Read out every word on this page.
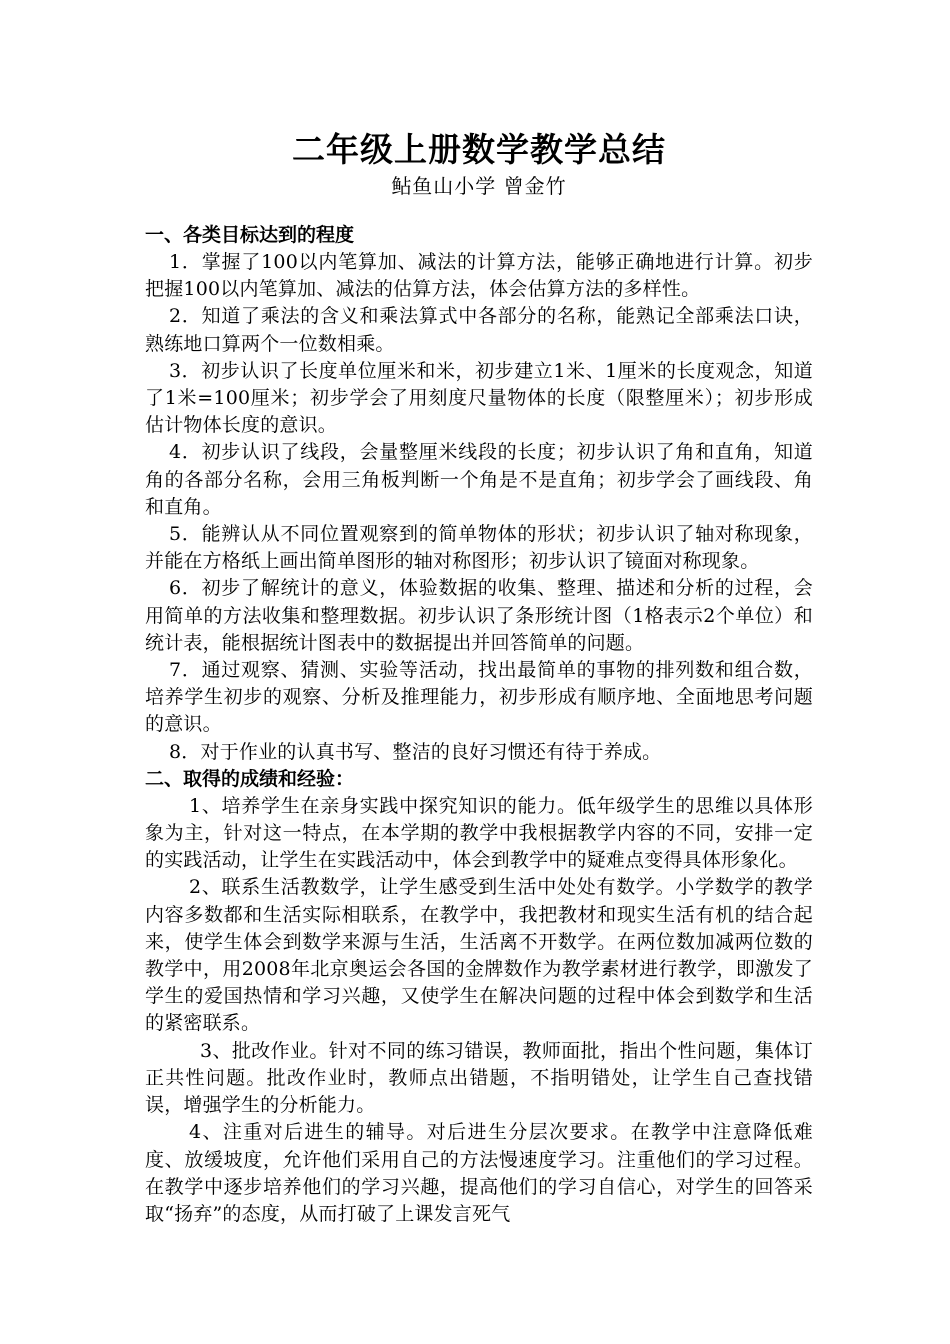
二年级上册数学教学总结

鲇鱼山小学 曾金竹

一、各类目标达到的程度

1．掌握了100以内笔算加、减法的计算方法，能够正确地进行计算。初步把握100以内笔算加、减法的估算方法，体会估算方法的多样性。

2．知道了乘法的含义和乘法算式中各部分的名称，能熟记全部乘法口诀，熟练地口算两个一位数相乘。

3．初步认识了长度单位厘米和米，初步建立1米、1厘米的长度观念，知道了1米=100厘米；初步学会了用刻度尺量物体的长度（限整厘米）；初步形成估计物体长度的意识。

4．初步认识了线段，会量整厘米线段的长度；初步认识了角和直角，知道角的各部分名称，会用三角板判断一个角是不是直角；初步学会了画线段、角和直角。

5．能辨认从不同位置观察到的简单物体的形状；初步认识了轴对称现象，并能在方格纸上画出简单图形的轴对称图形；初步认识了镜面对称现象。

6．初步了解统计的意义，体验数据的收集、整理、描述和分析的过程，会用简单的方法收集和整理数据。初步认识了条形统计图（1格表示2个单位）和统计表，能根据统计图表中的数据提出并回答简单的问题。

7．通过观察、猜测、实验等活动，找出最简单的事物的排列数和组合数，培养学生初步的观察、分析及推理能力，初步形成有顺序地、全面地思考问题的意识。

8．对于作业的认真书写、整洁的良好习惯还有待于养成。

二、取得的成绩和经验：

1、培养学生在亲身实践中探究知识的能力。低年级学生的思维以具体形象为主，针对这一特点，在本学期的教学中我根据教学内容的不同，安排一定的实践活动，让学生在实践活动中，体会到教学中的疑难点变得具体形象化。

2、联系生活教数学，让学生感受到生活中处处有数学。小学数学的教学内容多数都和生活实际相联系，在教学中，我把教材和现实生活有机的结合起来，使学生体会到数学来源与生活，生活离不开数学。在两位数加减两位数的教学中，用2008年北京奥运会各国的金牌数作为教学素材进行教学，即激发了学生的爱国热情和学习兴趣，又使学生在解决问题的过程中体会到数学和生活的紧密联系。

3、批改作业。针对不同的练习错误，教师面批，指出个性问题，集体订正共性问题。批改作业时，教师点出错题，不指明错处，让学生自己查找错误，增强学生的分析能力。

4、注重对后进生的辅导。对后进生分层次要求。在教学中注意降低难度、放缓坡度，允许他们采用自己的方法慢速度学习。注重他们的学习过程。在教学中逐步培养他们的学习兴趣，提高他们的学习自信心，对学生的回答采取“扬弃”的态度，从而打破了上课发言死气
